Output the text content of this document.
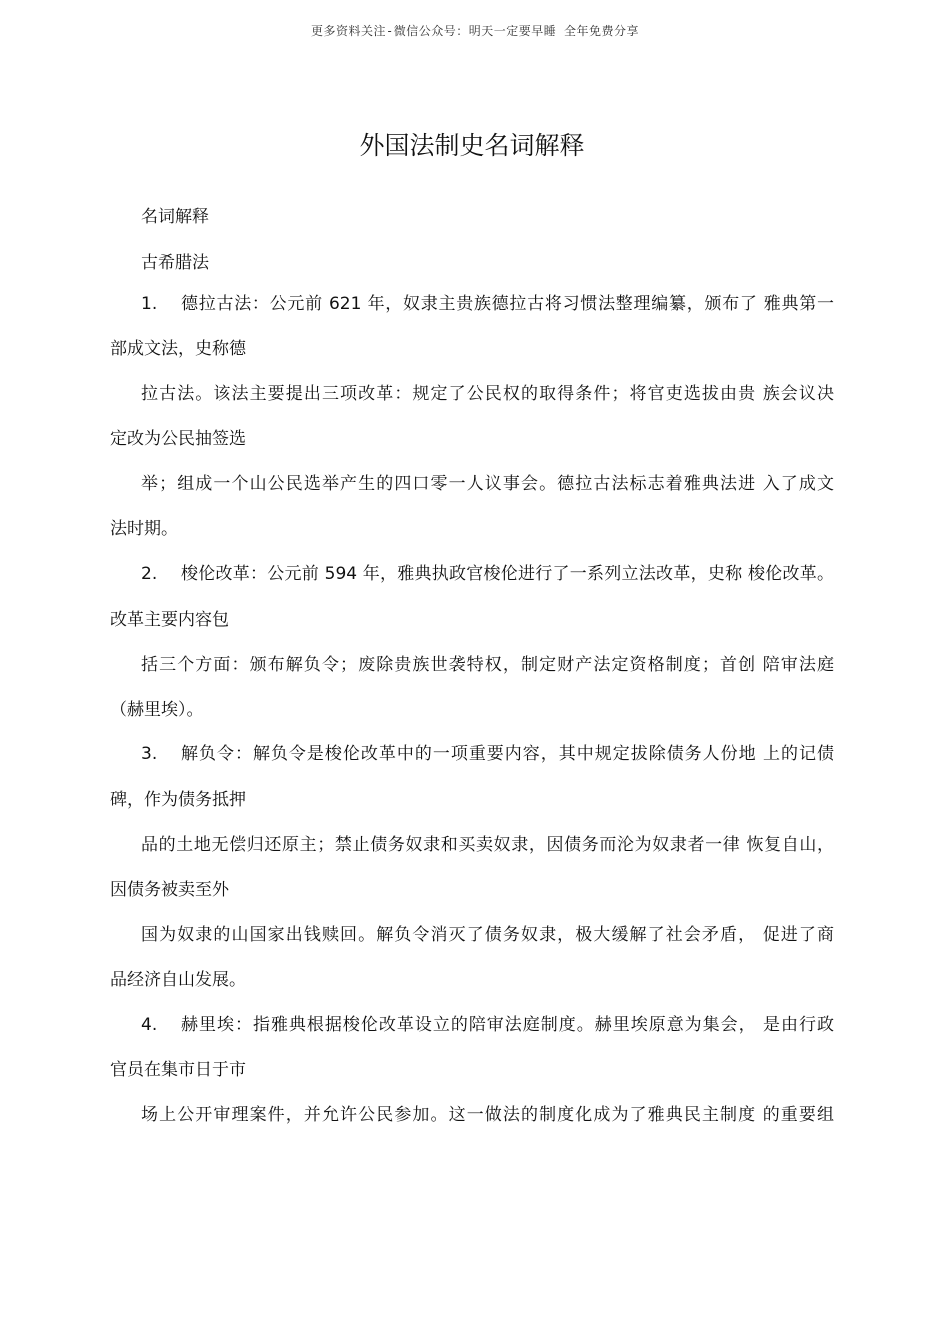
更多资料关注-微信公众号：明天一定要早睡 全年免费分享
外国法制史名词解释

名词解释

古希腊法

1.	德拉古法：公元前 621 年，奴隶主贵族德拉古将习惯法整理编纂，颁布了 雅典第一

部成文法，史称德

拉古法。该法主要提出三项改革：规定了公民权的取得条件；将官吏选拔由贵 族会议决

定改为公民抽签选

举；组成一个山公民选举产生的四口零一人议事会。德拉古法标志着雅典法进 入了成文

法时期。

2.	梭伦改革：公元前 594 年，雅典执政官梭伦进行了一系列立法改革，史称 梭伦改革。

改革主要内容包

括三个方面：颁布解负令；废除贵族世袭特权，制定财产法定资格制度；首创 陪审法庭

（赫里埃）。

3.	解负令：解负令是梭伦改革中的一项重要内容，其中规定拔除债务人份地 上的记债

碑，作为债务抵押

品的土地无偿归还原主；禁止债务奴隶和买卖奴隶，因债务而沦为奴隶者一律 恢复自山，

因债务被卖至外

国为奴隶的山国家出钱赎回。解负令消灭了债务奴隶，极大缓解了社会矛盾， 促进了商

品经济自山发展。

4.	赫里埃：指雅典根据梭伦改革设立的陪审法庭制度。赫里埃原意为集会， 是由行政

官员在集市日于市

场上公开审理案件，并允许公民参加。这一做法的制度化成为了雅典民主制度 的重要组
